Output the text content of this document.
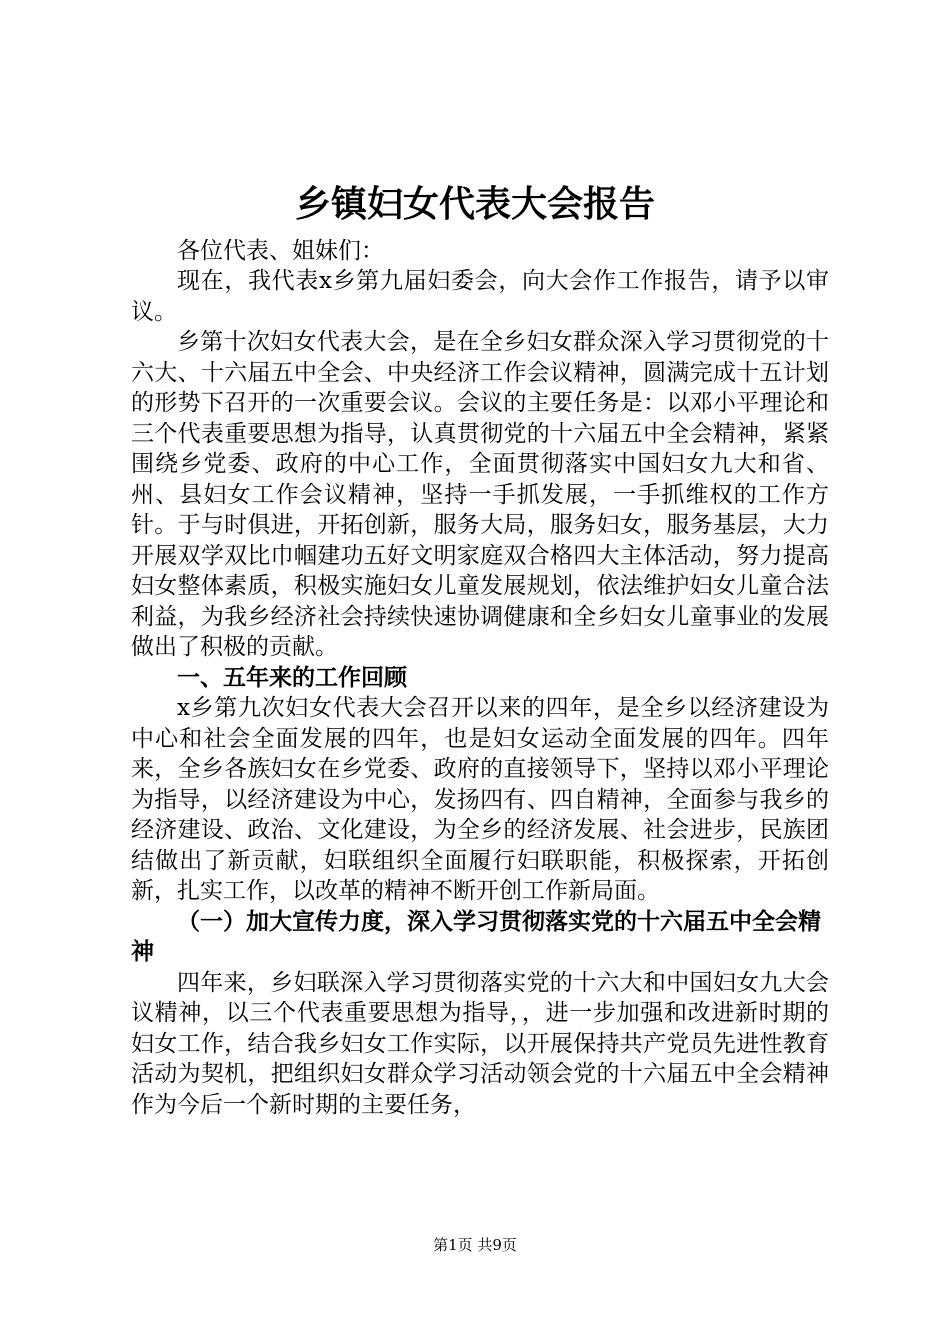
乡镇妇女代表大会报告

各位代表、姐妹们：

现在，我代表x乡第九届妇委会，向大会作工作报告，请予以审议。

乡第十次妇女代表大会，是在全乡妇女群众深入学习贯彻党的十六大、十六届五中全会、中央经济工作会议精神，圆满完成十五计划的形势下召开的一次重要会议。会议的主要任务是：以邓小平理论和三个代表重要思想为指导，认真贯彻党的十六届五中全会精神，紧紧围绕乡党委、政府的中心工作，全面贯彻落实中国妇女九大和省、州、县妇女工作会议精神，坚持一手抓发展，一手抓维权的工作方针。于与时俱进，开拓创新，服务大局，服务妇女，服务基层，大力开展双学双比巾帼建功五好文明家庭双合格四大主体活动，努力提高妇女整体素质，积极实施妇女儿童发展规划，依法维护妇女儿童合法利益，为我乡经济社会持续快速协调健康和全乡妇女儿童事业的发展做出了积极的贡献。

一、五年来的工作回顾

x乡第九次妇女代表大会召开以来的四年，是全乡以经济建设为中心和社会全面发展的四年，也是妇女运动全面发展的四年。四年来，全乡各族妇女在乡党委、政府的直接领导下，坚持以邓小平理论为指导，以经济建设为中心，发扬四有、四自精神，全面参与我乡的经济建设、政治、文化建设，为全乡的经济发展、社会进步，民族团结做出了新贡献，妇联组织全面履行妇联职能，积极探索，开拓创新，扎实工作，以改革的精神不断开创工作新局面。

（一）加大宣传力度，深入学习贯彻落实党的十六届五中全会精神

四年来，乡妇联深入学习贯彻落实党的十六大和中国妇女九大会议精神，以三个代表重要思想为指导，，进一步加强和改进新时期的妇女工作，结合我乡妇女工作实际，以开展保持共产党员先进性教育活动为契机，把组织妇女群众学习活动领会党的十六届五中全会精神作为今后一个新时期的主要任务，

第1页 共9页
